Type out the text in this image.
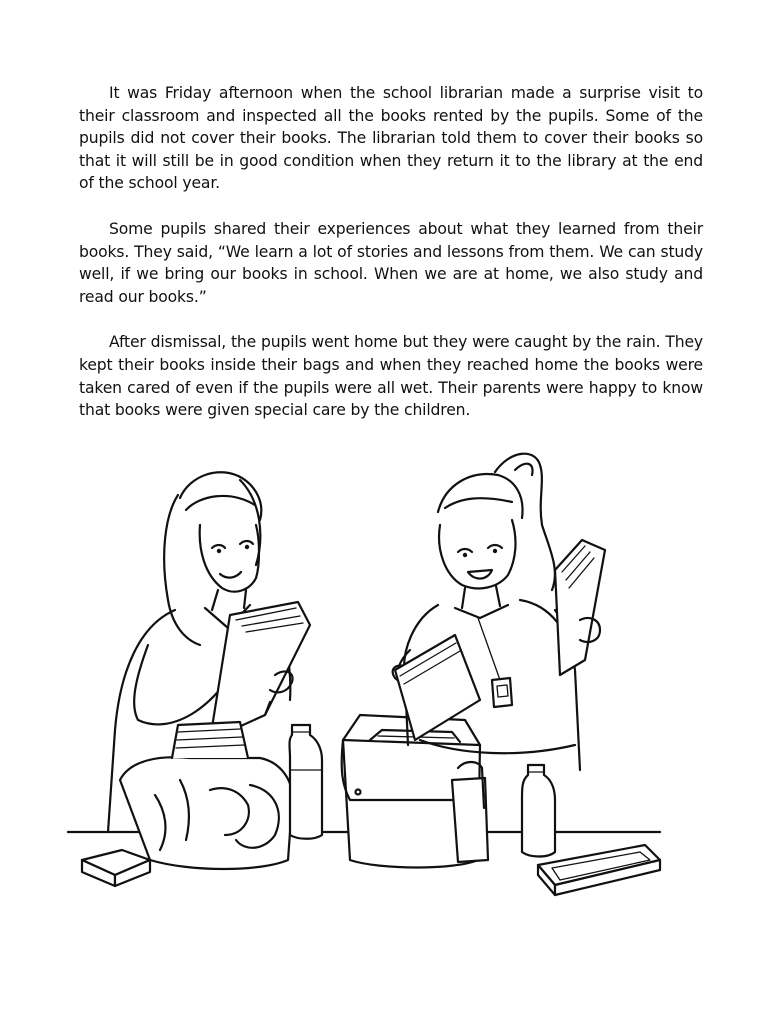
It was Friday afternoon when the school librarian made a surprise visit to their classroom and inspected all the books rented by the pupils. Some of the pupils did not cover their books. The librarian told them to cover their books so that it will still be in good condition when they return it to the library at the end of the school year.

Some pupils shared their experiences about what they learned from their books. They said, “We learn a lot of stories and lessons from them. We can study well, if we bring our books in school. When we are at home, we also study and read our books.”

After dismissal, the pupils went home but they were caught by the rain. They kept their books inside their bags and when they reached home the books were taken cared of even if the pupils were all wet. Their parents were happy to know that books were given special care by the children.
